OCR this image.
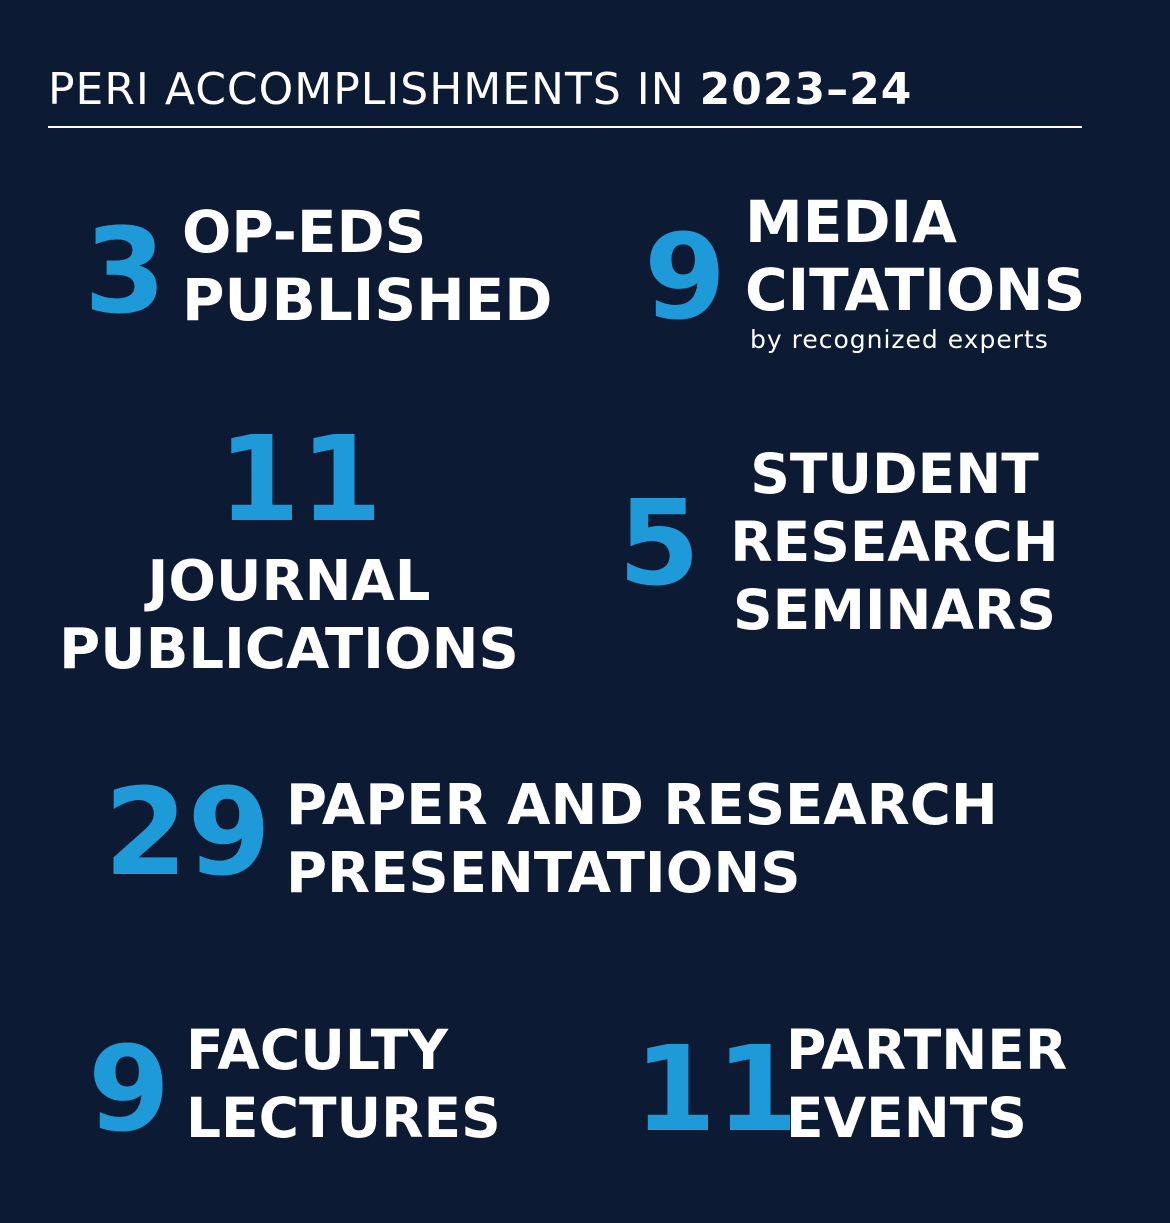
PERI ACCOMPLISHMENTS IN 2023–24
3 OP-EDS
PUBLISHED 9 MEDIA
CITATIONS
by recognized experts
11
JOURNAL
PUBLICATIONS
5 STUDENT
RESEARCH
SEMINARS
29 PAPER AND RESEARCH
PRESENTATIONS
9 FACULTY
LECTURES 11
PARTNER
EVENTS
